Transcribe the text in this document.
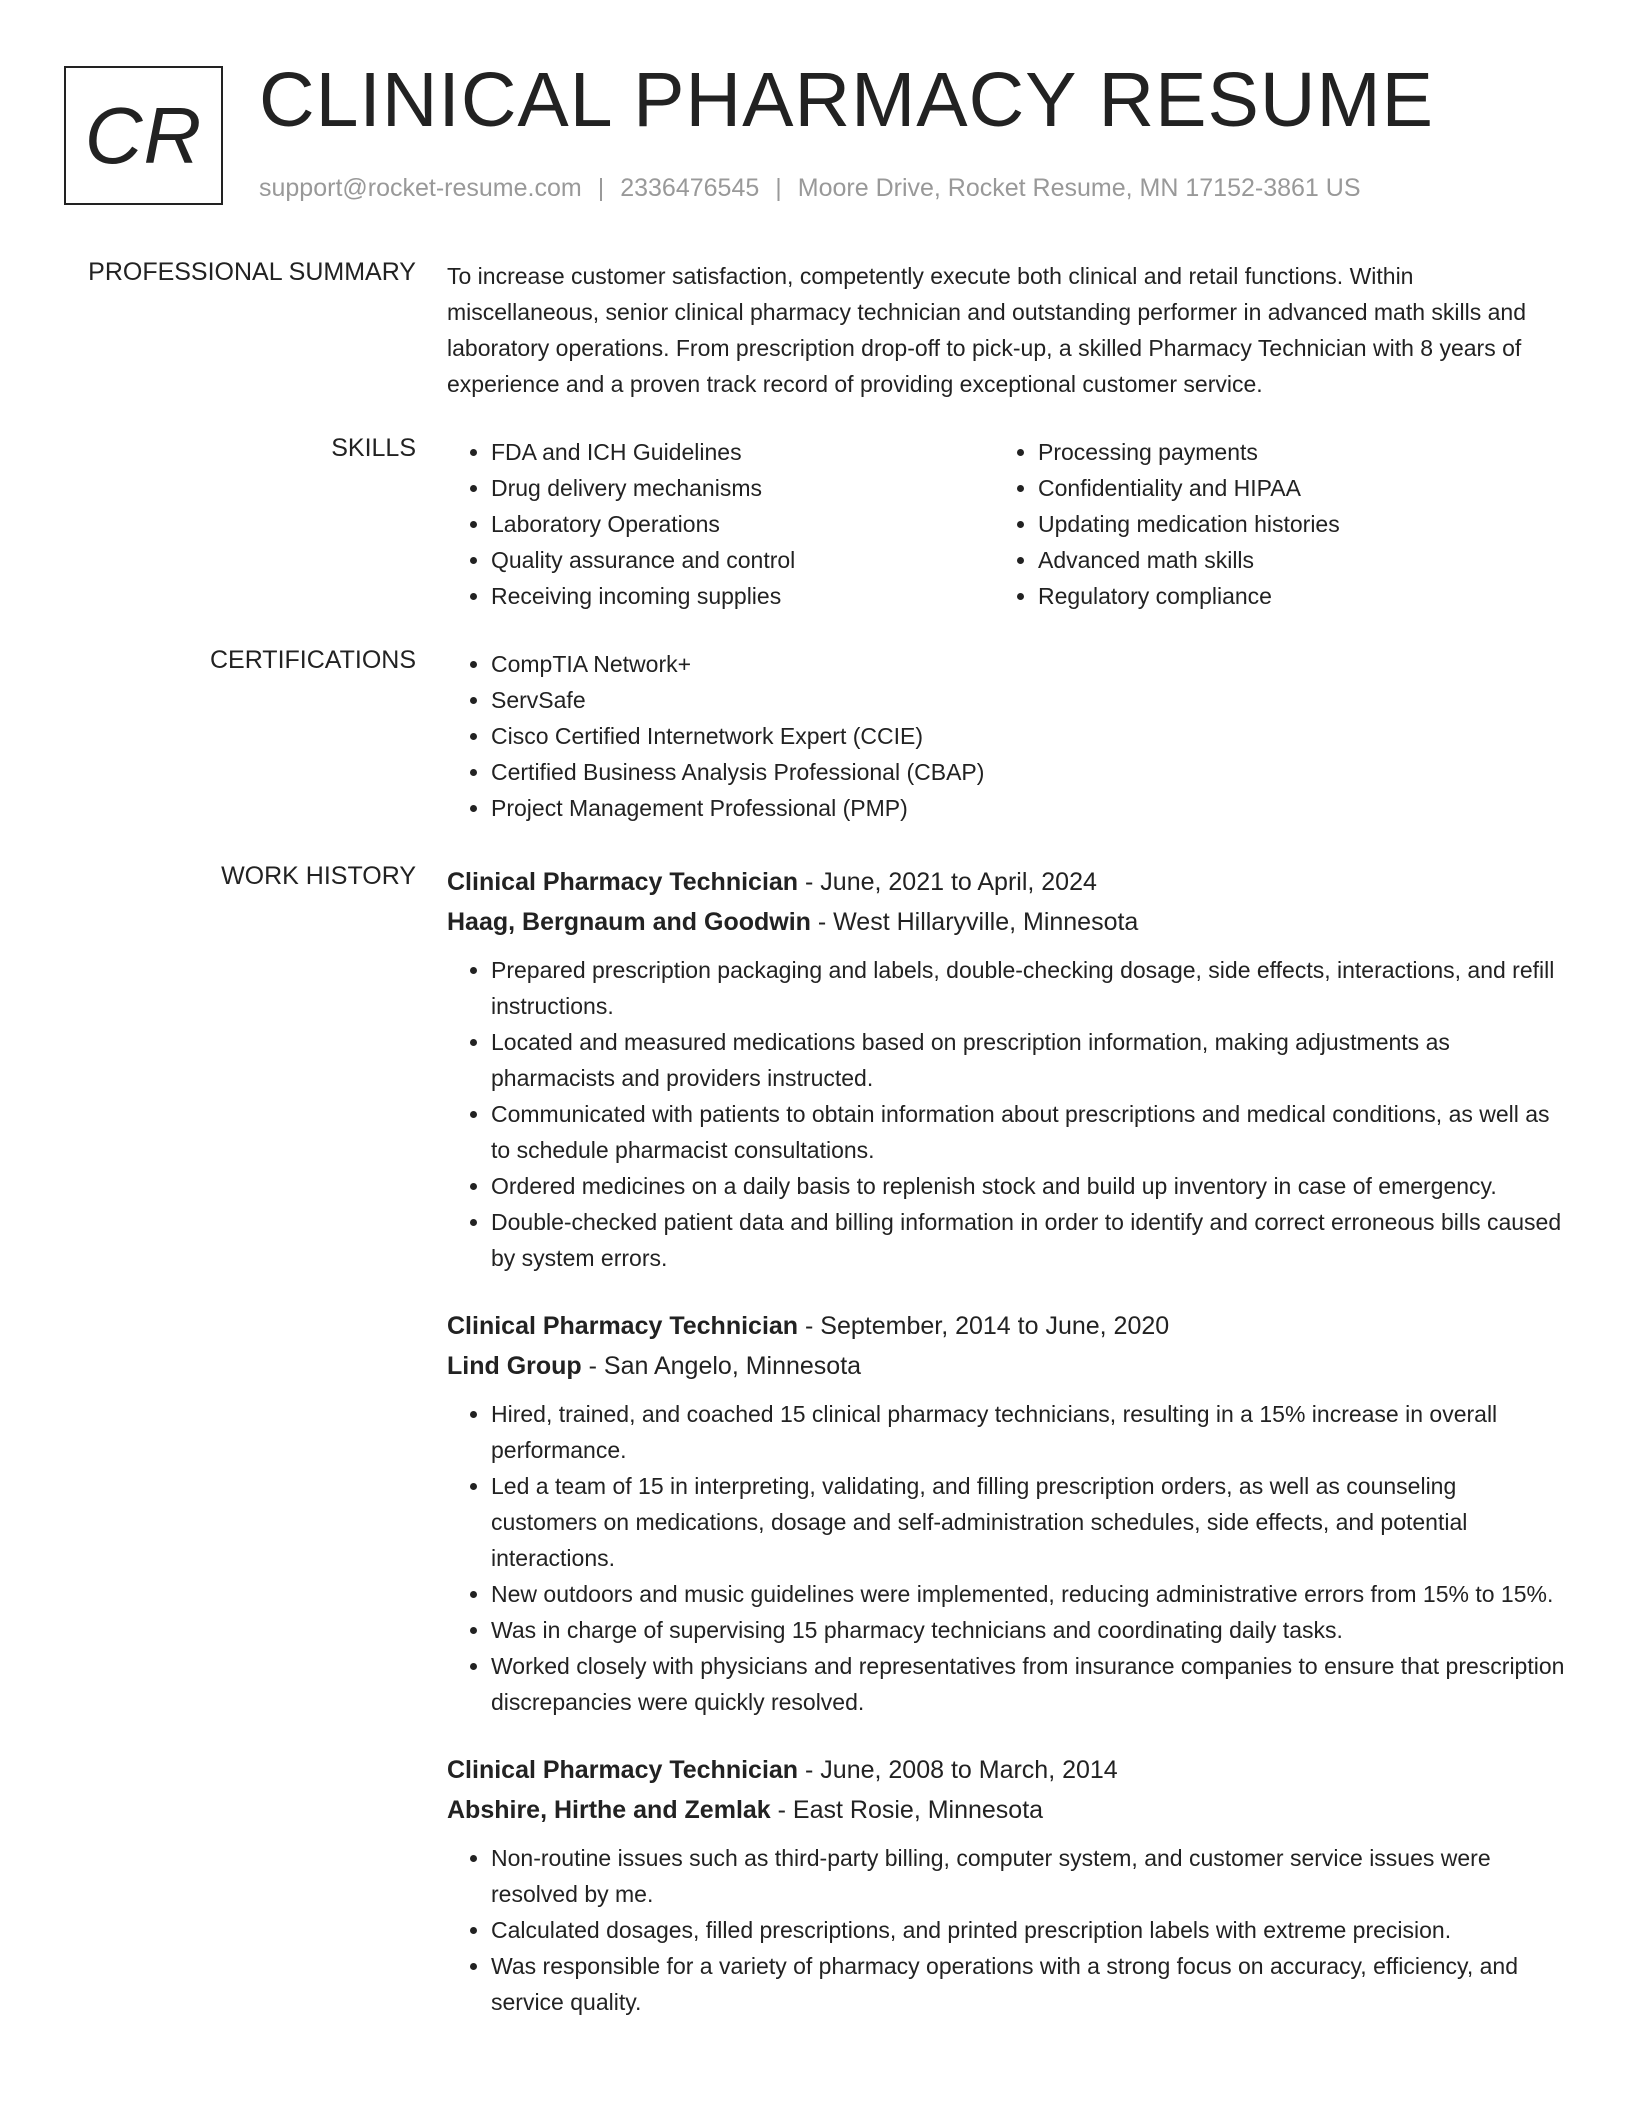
CR CLINICAL PHARMACY RESUME
support@rocket-resume.com | 2336476545 | Moore Drive, Rocket Resume, MN 17152-3861 US
PROFESSIONAL SUMMARY To increase customer satisfaction, competently execute both clinical and retail functions. Within miscellaneous, senior clinical pharmacy technician and outstanding performer in advanced math skills and laboratory operations. From prescription drop-off to pick-up, a skilled Pharmacy Technician with 8 years of experience and a proven track record of providing exceptional customer service.

SKILLS	• FDA and ICH Guidelines
• Drug delivery mechanisms
• Laboratory Operations
• Quality assurance and control
• Receiving incoming supplies
• Processing payments
• Confidentiality and HIPAA
• Updating medication histories
• Advanced math skills
• Regulatory compliance
CERTIFICATIONS	• CompTIA Network+
• ServSafe
• Cisco Certified Internetwork Expert (CCIE)
• Certified Business Analysis Professional (CBAP)
• Project Management Professional (PMP)
WORK HISTORY Clinical Pharmacy Technician - June, 2021 to April, 2024

Haag, Bergnaum and Goodwin - West Hillaryville, Minnesota

• Prepared prescription packaging and labels, double-checking dosage, side effects, interactions, and refill instructions.
• Located and measured medications based on prescription information, making adjustments as pharmacists and providers instructed.
• Communicated with patients to obtain information about prescriptions and medical conditions, as well as to schedule pharmacist consultations.
• Ordered medicines on a daily basis to replenish stock and build up inventory in case of emergency.
• Double-checked patient data and billing information in order to identify and correct erroneous bills caused by system errors.

Clinical Pharmacy Technician - September, 2014 to June, 2020

Lind Group - San Angelo, Minnesota

• Hired, trained, and coached 15 clinical pharmacy technicians, resulting in a 15% increase in overall performance.
• Led a team of 15 in interpreting, validating, and filling prescription orders, as well as counseling customers on medications, dosage and self-administration schedules, side effects, and potential interactions.
• New outdoors and music guidelines were implemented, reducing administrative errors from 15% to 15%.
• Was in charge of supervising 15 pharmacy technicians and coordinating daily tasks.
• Worked closely with physicians and representatives from insurance companies to ensure that prescription discrepancies were quickly resolved.

Clinical Pharmacy Technician - June, 2008 to March, 2014

Abshire, Hirthe and Zemlak - East Rosie, Minnesota

• Non-routine issues such as third-party billing, computer system, and customer service issues were resolved by me.
• Calculated dosages, filled prescriptions, and printed prescription labels with extreme precision.
• Was responsible for a variety of pharmacy operations with a strong focus on accuracy, efficiency, and service quality.
